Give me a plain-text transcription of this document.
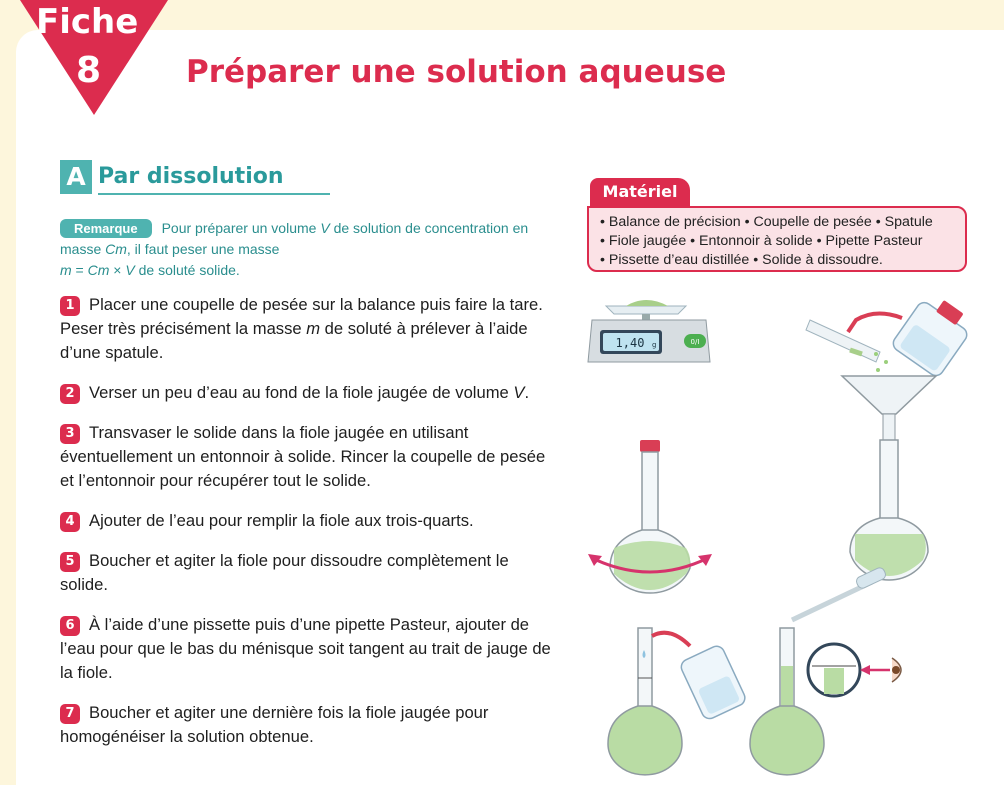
Fiche
8	Préparer une solution aqueuse
A Par dissolution
Remarque Pour préparer un volume V de solution de concentration en masse Cm, il faut peser une masse
m = Cm × V de soluté solide.

1 Placer une coupelle de pesée sur la balance puis faire la tare. Peser très précisément la masse m de soluté à prélever à l’aide d’une spatule.

2 Verser un peu d’eau au fond de la fiole jaugée de volume V.

3 Transvaser le solide dans la fiole jaugée en utilisant éventuellement un entonnoir à solide. Rincer la coupelle de pesée et l’entonnoir pour récupérer tout le solide.

4 Ajouter de l’eau pour remplir la fiole aux trois-quarts.

5 Boucher et agiter la fiole pour dissoudre complètement le solide.

6 À l’aide d’une pissette puis d’une pipette Pasteur, ajouter de l’eau pour que le bas du ménisque soit tangent au trait de jauge de la fiole.

7 Boucher et agiter une dernière fois la fiole jaugée pour homogénéiser la solution obtenue.

Matériel
• Balance de précision • Coupelle de pesée • Spatule
• Fiole jaugée • Entonnoir à solide • Pipette Pasteur
• Pissette d’eau distillée • Solide à dissoudre.
1,40 g	0/I
